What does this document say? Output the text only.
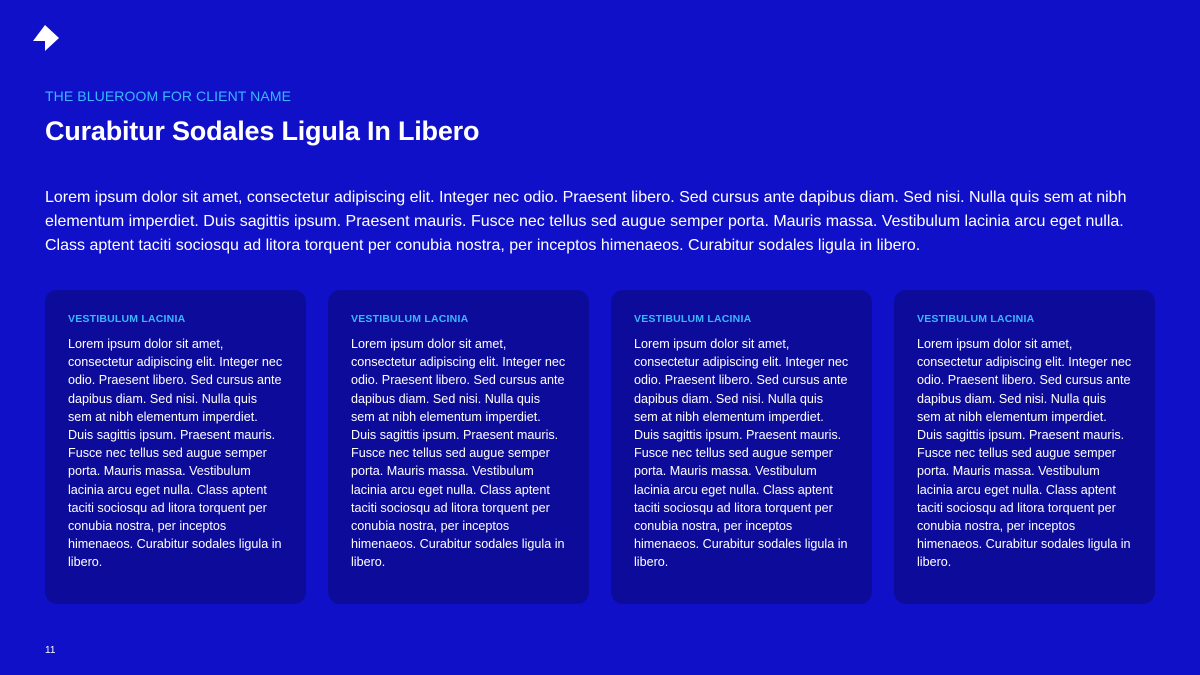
THE BLUEROOM FOR CLIENT NAME
Curabitur Sodales Ligula In Libero

Lorem ipsum dolor sit amet, consectetur adipiscing elit. Integer nec odio. Praesent libero. Sed cursus ante dapibus diam. Sed nisi. Nulla quis sem at nibh elementum imperdiet. Duis sagittis ipsum. Praesent mauris. Fusce nec tellus sed augue semper porta. Mauris massa. Vestibulum lacinia arcu eget nulla. Class aptent taciti sociosqu ad litora torquent per conubia nostra, per inceptos himenaeos. Curabitur sodales ligula in libero.

VESTIBULUM LACINIA

Lorem ipsum dolor sit amet, consectetur adipiscing elit. Integer nec odio. Praesent libero. Sed cursus ante dapibus diam. Sed nisi. Nulla quis sem at nibh elementum imperdiet. Duis sagittis ipsum. Praesent mauris. Fusce nec tellus sed augue semper porta. Mauris massa. Vestibulum lacinia arcu eget nulla. Class aptent taciti sociosqu ad litora torquent per conubia nostra, per inceptos himenaeos. Curabitur sodales ligula in libero.

VESTIBULUM LACINIA

Lorem ipsum dolor sit amet, consectetur adipiscing elit. Integer nec odio. Praesent libero. Sed cursus ante dapibus diam. Sed nisi. Nulla quis sem at nibh elementum imperdiet. Duis sagittis ipsum. Praesent mauris. Fusce nec tellus sed augue semper porta. Mauris massa. Vestibulum lacinia arcu eget nulla. Class aptent taciti sociosqu ad litora torquent per conubia nostra, per inceptos himenaeos. Curabitur sodales ligula in libero.

VESTIBULUM LACINIA

Lorem ipsum dolor sit amet, consectetur adipiscing elit. Integer nec odio. Praesent libero. Sed cursus ante dapibus diam. Sed nisi. Nulla quis sem at nibh elementum imperdiet. Duis sagittis ipsum. Praesent mauris. Fusce nec tellus sed augue semper porta. Mauris massa. Vestibulum lacinia arcu eget nulla. Class aptent taciti sociosqu ad litora torquent per conubia nostra, per inceptos himenaeos. Curabitur sodales ligula in libero.

VESTIBULUM LACINIA

Lorem ipsum dolor sit amet, consectetur adipiscing elit. Integer nec odio. Praesent libero. Sed cursus ante dapibus diam. Sed nisi. Nulla quis sem at nibh elementum imperdiet. Duis sagittis ipsum. Praesent mauris. Fusce nec tellus sed augue semper porta. Mauris massa. Vestibulum lacinia arcu eget nulla. Class aptent taciti sociosqu ad litora torquent per conubia nostra, per inceptos himenaeos. Curabitur sodales ligula in libero.

11
